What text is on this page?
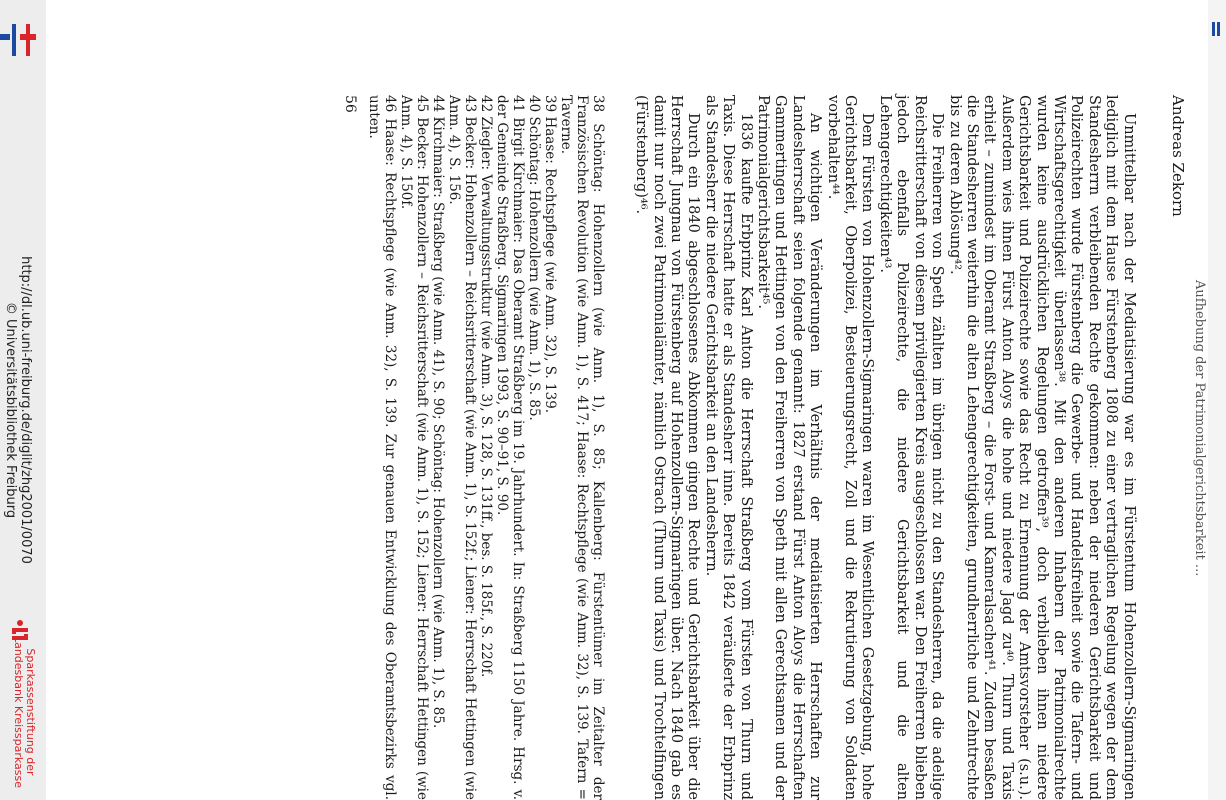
http://dl.ub.uni-freiburg.de/diglit/zhg2001/0070
© Universitätsbibliothek Freiburg
Sparkassenstiftung der
Landesbank Kreissparkasse
Aufhebung der Patrimonialgerichtsbarkeit ...
Andreas Zekorn

Unmittelbar nach der Mediatisierung war es im Fürstentum Hohenzollern-Sigmaringen lediglich mit dem Hause Fürstenberg 1808 zu einer vertraglichen Regelung wegen der dem Standesherrn verbleibenden Rechte gekommen: neben der niederen Gerichtsbarkeit und Polizeirechten wurde Fürstenberg die Gewerbe- und Handelsfreiheit sowie die Tafern- und Wirtschaftsgerechtigkeit überlassen³⁸. Mit den anderen Inhabern der Patrimonialrechte wurden keine ausdrücklichen Regelungen getroffen³⁹, doch verblieben ihnen niedere Gerichtsbarkeit und Polizeirechte sowie das Recht zu Ernennung der Amtsvorsteher (s.u.). Außerdem wies ihnen Fürst Anton Aloys die hohe und niedere Jagd zu⁴⁰. Thurn und Taxis erhielt – zumindest im Oberamt Straßberg – die Forst- und Kameralsachen⁴¹. Zudem besaßen die Standesherren weiterhin die alten Lehengerechtigkeiten, grundherrliche und Zehntrechte bis zu deren Ablösung⁴².

Die Freiherren von Speth zählten im übrigen nicht zu den Standesherren, da die adelige Reichsritterschaft von diesem privilegierten Kreis ausgeschlossen war. Den Freiherren blieben jedoch ebenfalls Polizeirechte, die niedere Gerichtsbarkeit und die alten Lehengerechtigkeiten⁴³.

Dem Fürsten von Hohenzollern-Sigmaringen waren im Wesentlichen Gesetzgebung, hohe Gerichtsbarkeit, Oberpolizei, Besteuerungsrecht, Zoll und die Rekrutierung von Soldaten vorbehalten⁴⁴.

An wichtigen Veränderungen im Verhältnis der mediatisierten Herrschaften zur Landesherrschaft seien folgende genannt: 1827 erstand Fürst Anton Aloys die Herrschaften Gammertingen und Hettingen von den Freiherren von Speth mit allen Gerechtsamen und der Patrimonialgerichtsbarkeit⁴⁵.

1836 kaufte Erbprinz Karl Anton die Herrschaft Straßberg vom Fürsten von Thurn und Taxis. Diese Herrschaft hatte er als Standesherr inne. Bereits 1842 veräußerte der Erbprinz als Standesherr die niedere Gerichtsbarkeit an den Landesherrn.

Durch ein 1840 abgeschlossenes Abkommen gingen Rechte und Gerichtsbarkeit über die Herrschaft Jungnau von Fürstenberg auf Hohenzollern-Sigmaringen über. Nach 1840 gab es damit nur noch zwei Patrimonialämter, nämlich Ostrach (Thurn und Taxis) und Trochtelfingen (Fürstenberg)⁴⁶.

38 Schöntag: Hohenzollern (wie Anm. 1), S. 85; Kallenberg: Fürstentümer im Zeitalter der Französischen Revolution (wie Anm. 1), S. 417; Haase: Rechtspflege (wie Anm. 32), S. 139. Tafern = Taverne.

39 Haase: Rechtspflege (wie Anm. 32), S. 139.

40 Schöntag: Hohenzollern (wie Anm. 1), S. 85.

41 Birgit Kirchmaier: Das Oberamt Straßberg im 19. Jahrhundert. In: Straßberg 1150 Jahre. Hrsg. v. der Gemeinde Straßberg. Sigmaringen 1993, S. 90–91, S. 90.

42 Ziegler: Verwaltungsstruktur (wie Anm. 3), S. 128, S. 131ff., bes. S. 185f., S. 220f.

43 Becker: Hohenzollern – Reichsritterschaft (wie Anm. 1), S. 152f.; Liener: Herrschaft Hettingen (wie Anm. 4), S. 156.

44 Kirchmaier: Straßberg (wie Anm. 41), S. 90; Schöntag: Hohenzollern (wie Anm. 1), S. 85.

45 Becker: Hohenzollern – Reichsritterschaft (wie Anm. 1), S. 152; Liener: Herrschaft Hettingen (wie Anm. 4), S. 150f.

46 Haase: Rechtspflege (wie Anm. 32), S. 139. Zur genauen Entwicklung des Oberamtsbezirks vgl. unten.

56
